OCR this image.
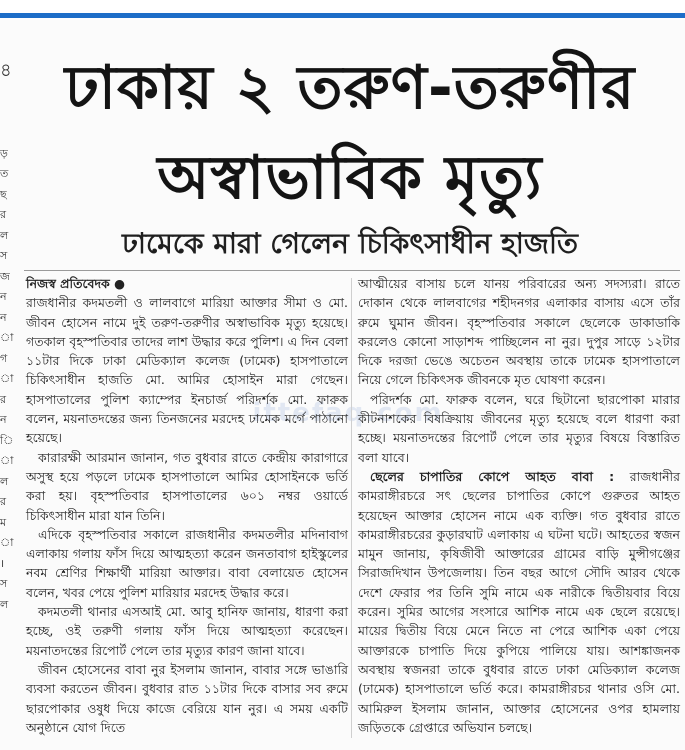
৪

ড়
ত
ছ
র
ল
স
জ
ন
ন
া
গ
া
র
ন
ি
া
ল
র
ম
া
।
স
ল
ঢাকায় ২ তরুণ-তরুণীর
অস্বাভাবিক মৃত্যু
ঢামেকে মারা গেলেন চিকিৎসাধীন হাজতি
ittefaq.com

নিজস্ব প্রতিবেদক ●

রাজধানীর কদমতলী ও লালবাগে মারিয়া আক্তার সীমা ও মো. জীবন হোসেন নামে দুই তরুণ-তরুণীর অস্বাভাবিক মৃত্যু হয়েছে। গতকাল বৃহস্পতিবার তাদের লাশ উদ্ধার করে পুলিশ। এ দিন বেলা ১১টার দিকে ঢাকা মেডিক্যাল কলেজ (ঢামেক) হাসপাতালে চিকিৎসাধীন হাজতি মো. আমির হোসাইন মারা গেছেন। হাসপাতালের পুলিশ ক্যাম্পের ইনচার্জ পরিদর্শক মো. ফারুক বলেন, ময়নাতদন্তের জন্য তিনজনের মরদেহ ঢামেক মর্গে পাঠানো হয়েছে।

কারারক্ষী আরমান জানান, গত বুধবার রাতে কেন্দ্রীয় কারাগারে অসুস্থ হয়ে পড়লে ঢামেক হাসপাতালে আমির হোসাইনকে ভর্তি করা হয়। বৃহস্পতিবার হাসপাতালের ৬০১ নম্বর ওয়ার্ডে চিকিৎসাধীন মারা যান তিনি।

এদিকে বৃহস্পতিবার সকালে রাজধানীর কদমতলীর মদিনাবাগ এলাকায় গলায় ফাঁস দিয়ে আত্মহত্যা করেন জনতাবাগ হাইস্কুলের নবম শ্রেণির শিক্ষার্থী মারিয়া আক্তার। বাবা বেলায়েত হোসেন বলেন, খবর পেয়ে পুলিশ মারিয়ার মরদেহ উদ্ধার করে।

কদমতলী থানার এসআই মো. আবু হানিফ জানায়, ধারণা করা হচ্ছে, ওই তরুণী গলায় ফাঁস দিয়ে আত্মহত্যা করেছেন। ময়নাতদন্তের রিপোর্ট পেলে তার মৃত্যুর কারণ জানা যাবে।

জীবন হোসেনের বাবা নুর ইসলাম জানান, বাবার সঙ্গে ভাঙারি ব্যবসা করতেন জীবন। বুধবার রাত ১১টার দিকে বাসার সব রুমে ছারপোকার ওষুধ দিয়ে কাজে বেরিয়ে যান নুর। এ সময় একটি অনুষ্ঠানে যোগ দিতে

আত্মীয়ের বাসায় চলে যানয় পরিবারের অন্য সদস্যরা। রাতে দোকান থেকে লালবাগের শহীদনগর এলাকার বাসায় এসে তাঁর রুমে ঘুমান জীবন। বৃহস্পতিবার সকালে ছেলেকে ডাকাডাকি করলেও কোনো সাড়াশব্দ পাচ্ছিলেন না নুর। দুপুর সাড়ে ১২টার দিকে দরজা ভেঙে অচেতন অবস্থায় তাকে ঢামেক হাসপাতালে নিয়ে গেলে চিকিৎসক জীবনকে মৃত ঘোষণা করেন।

পরিদর্শক মো. ফারুক বলেন, ঘরে ছিটানো ছারপোকা মারার কীটনাশকের বিষক্রিয়ায় জীবনের মৃত্যু হয়েছে বলে ধারণা করা হচ্ছে। ময়নাতদন্তের রিপোর্ট পেলে তার মৃত্যুর বিষয়ে বিস্তারিত বলা যাবে।

ছেলের চাপাতির কোপে আহত বাবা : রাজধানীর কামরাঙ্গীরচরে সৎ ছেলের চাপাতির কোপে গুরুতর আহত হয়েছেন আক্তার হোসেন নামে এক ব্যক্তি। গত বুধবার রাতে কামরাঙ্গীরচরের কুড়ারঘাট এলাকায় এ ঘটনা ঘটে। আহতের স্বজন মামুন জানায়, কৃষিজীবী আক্তারের গ্রামের বাড়ি মুন্সীগঞ্জের সিরাজদিখান উপজেলায়। তিন বছর আগে সৌদি আরব থেকে দেশে ফেরার পর তিনি সুমি নামে এক নারীকে দ্বিতীয়বার বিয়ে করেন। সুমির আগের সংসারে আশিক নামে এক ছেলে রয়েছে। মায়ের দ্বিতীয় বিয়ে মেনে নিতে না পেরে আশিক একা পেয়ে আক্তারকে চাপাতি দিয়ে কুপিয়ে পালিয়ে যায়। আশঙ্কাজনক অবস্থায় স্বজনরা তাকে বুধবার রাতে ঢাকা মেডিক্যাল কলেজ (ঢামেক) হাসপাতালে ভর্তি করে। কামরাঙ্গীরচর থানার ওসি মো. আমিরুল ইসলাম জানান, আক্তার হোসেনের ওপর হামলায় জড়িতকে গ্রেপ্তারে অভিযান চলছে।
